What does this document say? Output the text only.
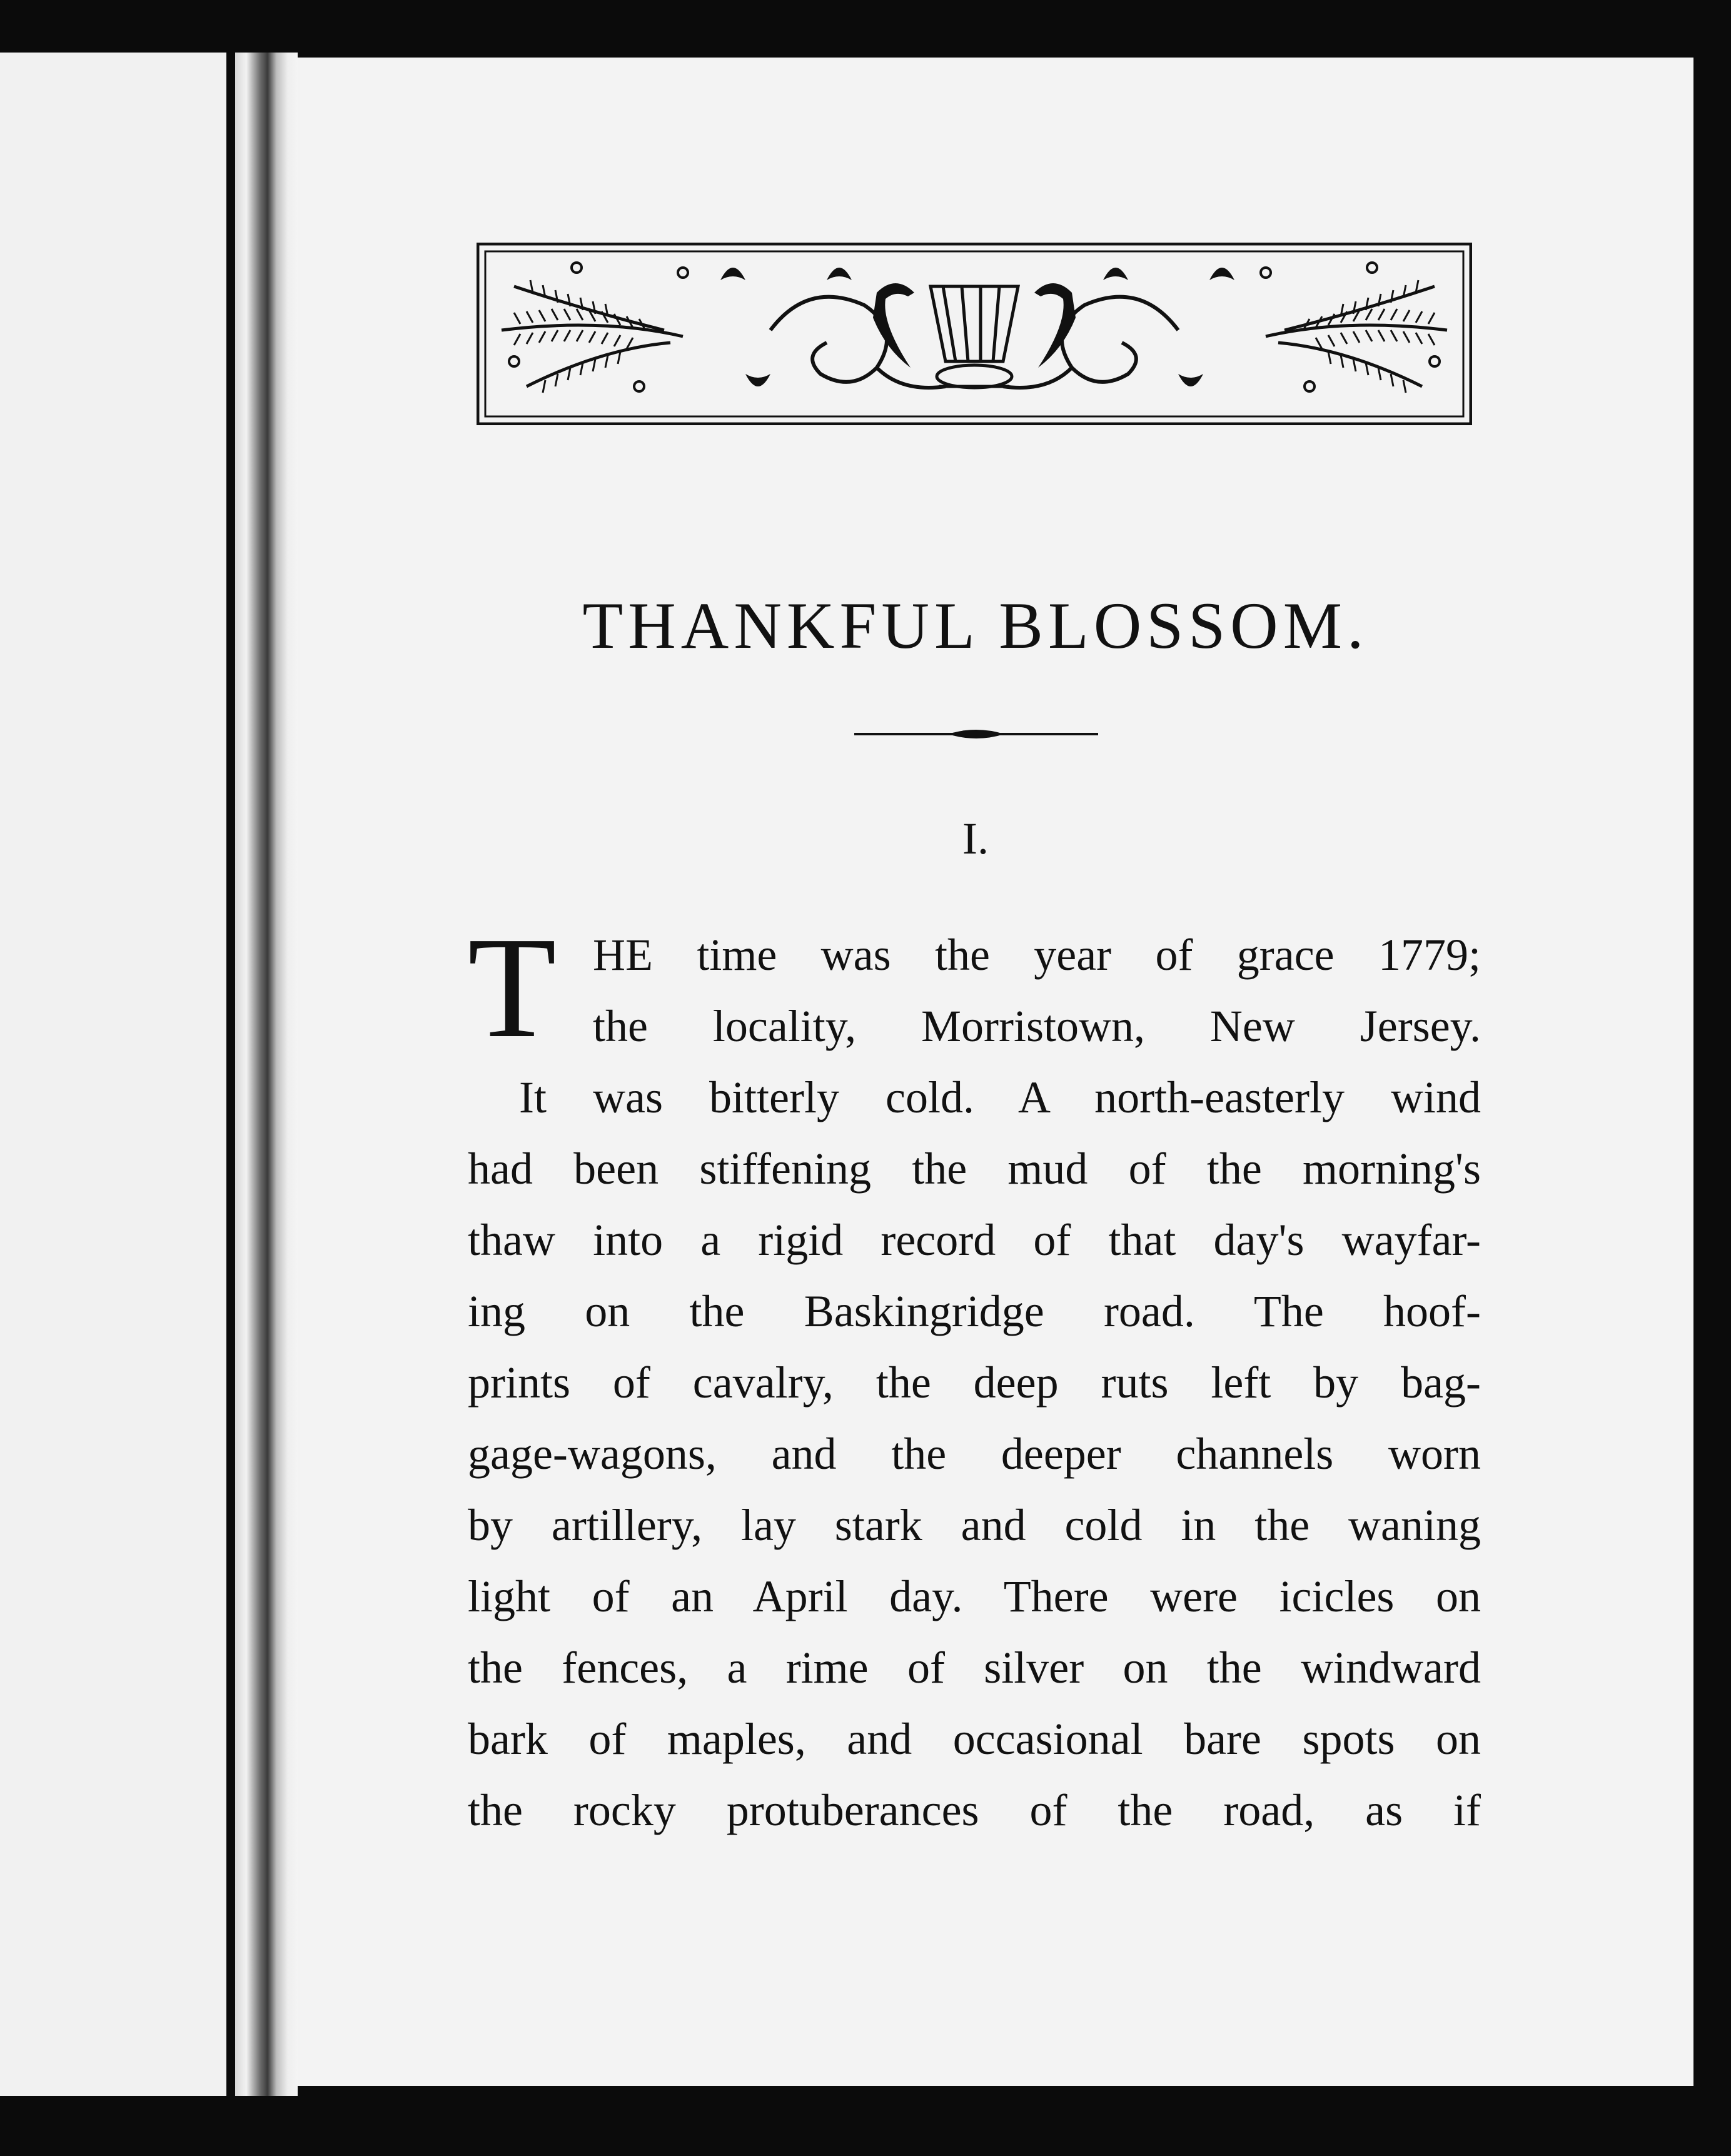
THANKFUL BLOSSOM.
I.
T HE time was the year of grace 1779;
the locality, Morristown, New Jersey.
It was bitterly cold. A north-easterly wind
had been stiffening the mud of the morning's
thaw into a rigid record of that day's wayfar-
ing on the Baskingridge road. The hoof-
prints of cavalry, the deep ruts left by bag-
gage-wagons, and the deeper channels worn
by artillery, lay stark and cold in the waning
light of an April day. There were icicles on
the fences, a rime of silver on the windward
bark of maples, and occasional bare spots on
the rocky protuberances of the road, as if
